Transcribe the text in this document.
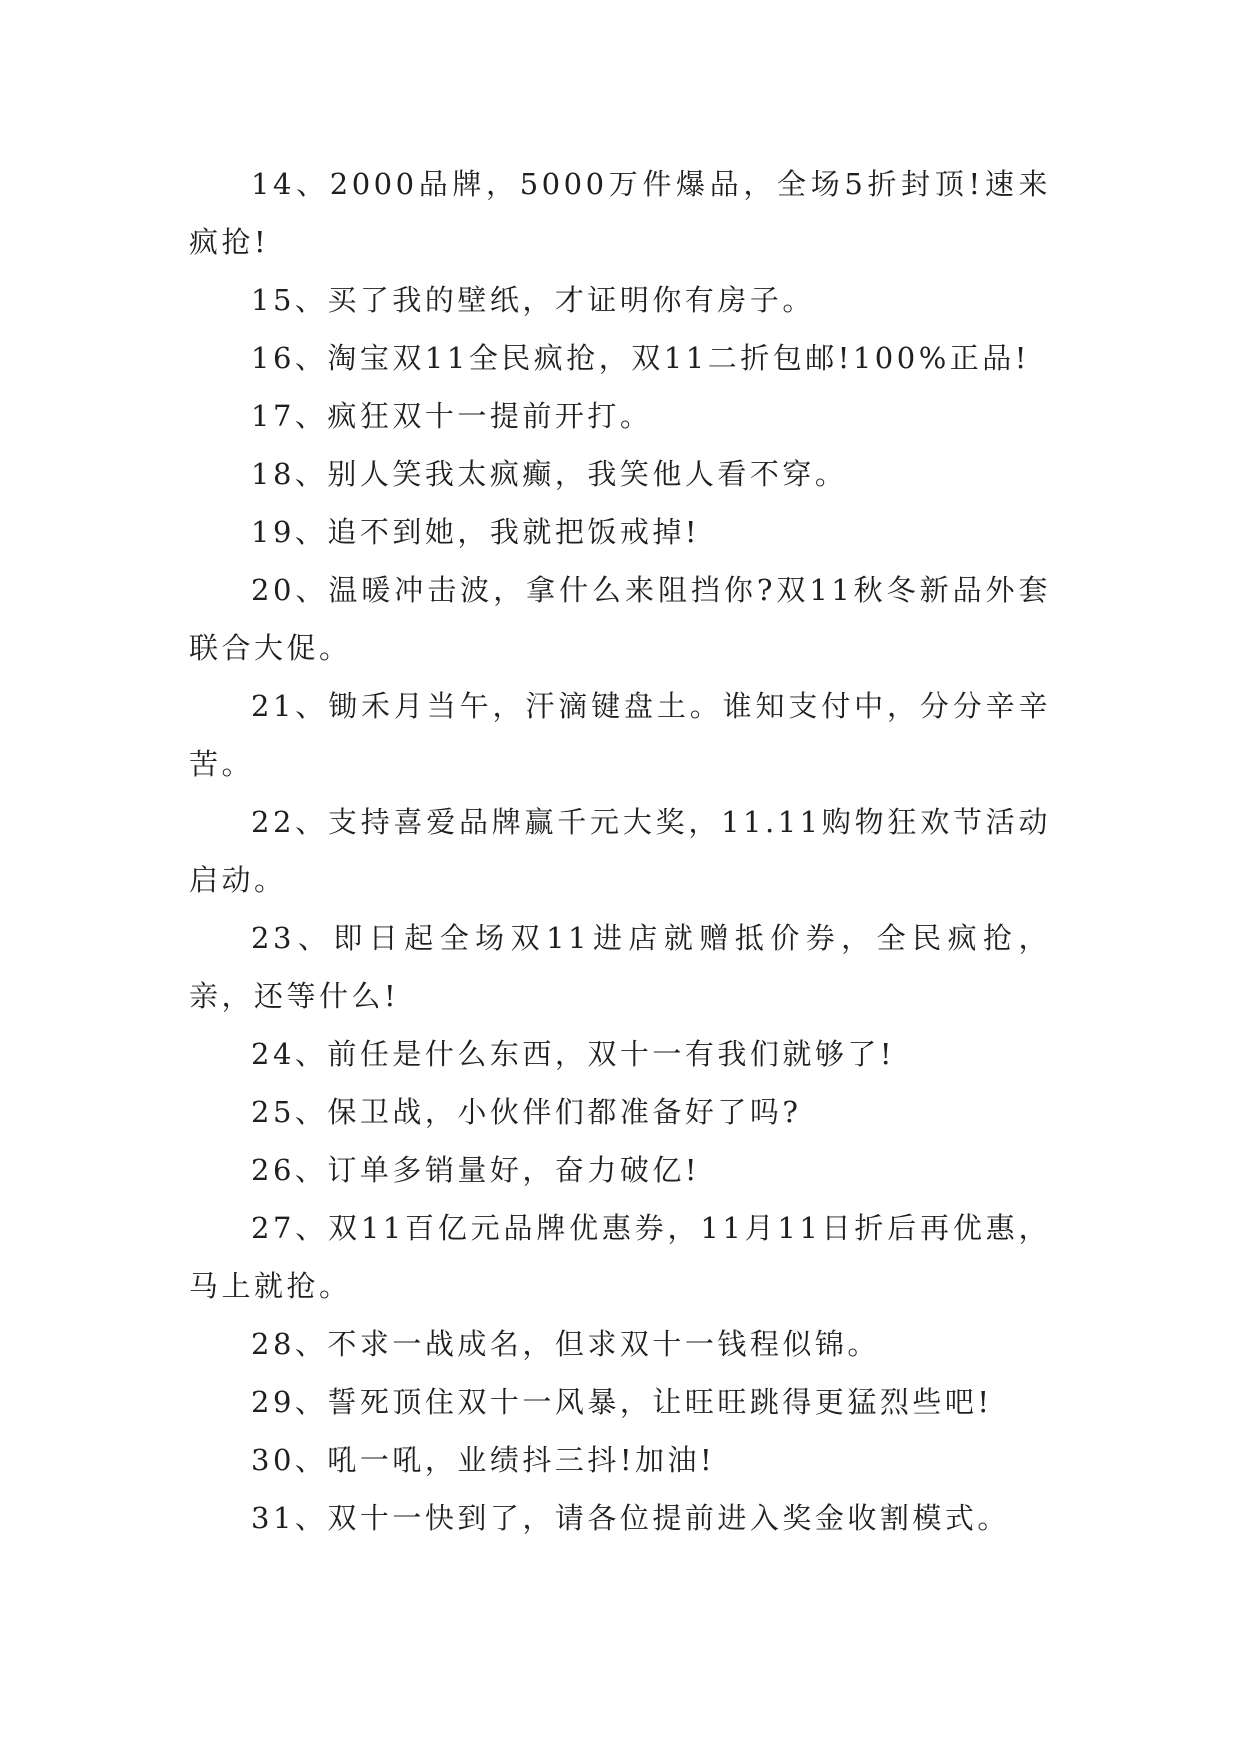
14、2000品牌，5000万件爆品，全场5折封顶!速来疯抢!

15、买了我的壁纸，才证明你有房子。

16、淘宝双11全民疯抢，双11二折包邮!100%正品!

17、疯狂双十一提前开打。

18、别人笑我太疯癫，我笑他人看不穿。

19、追不到她，我就把饭戒掉!

20、温暖冲击波，拿什么来阻挡你?双11秋冬新品外套联合大促。

21、锄禾月当午，汗滴键盘土。谁知支付中，分分辛辛苦。

22、支持喜爱品牌赢千元大奖，11.11购物狂欢节活动启动。

23、即日起全场双11进店就赠抵价券，全民疯抢，亲，还等什么!

24、前任是什么东西，双十一有我们就够了!

25、保卫战，小伙伴们都准备好了吗?

26、订单多销量好，奋力破亿!

27、双11百亿元品牌优惠券，11月11日折后再优惠，马上就抢。

28、不求一战成名，但求双十一钱程似锦。

29、誓死顶住双十一风暴，让旺旺跳得更猛烈些吧!

30、吼一吼，业绩抖三抖!加油!

31、双十一快到了，请各位提前进入奖金收割模式。
